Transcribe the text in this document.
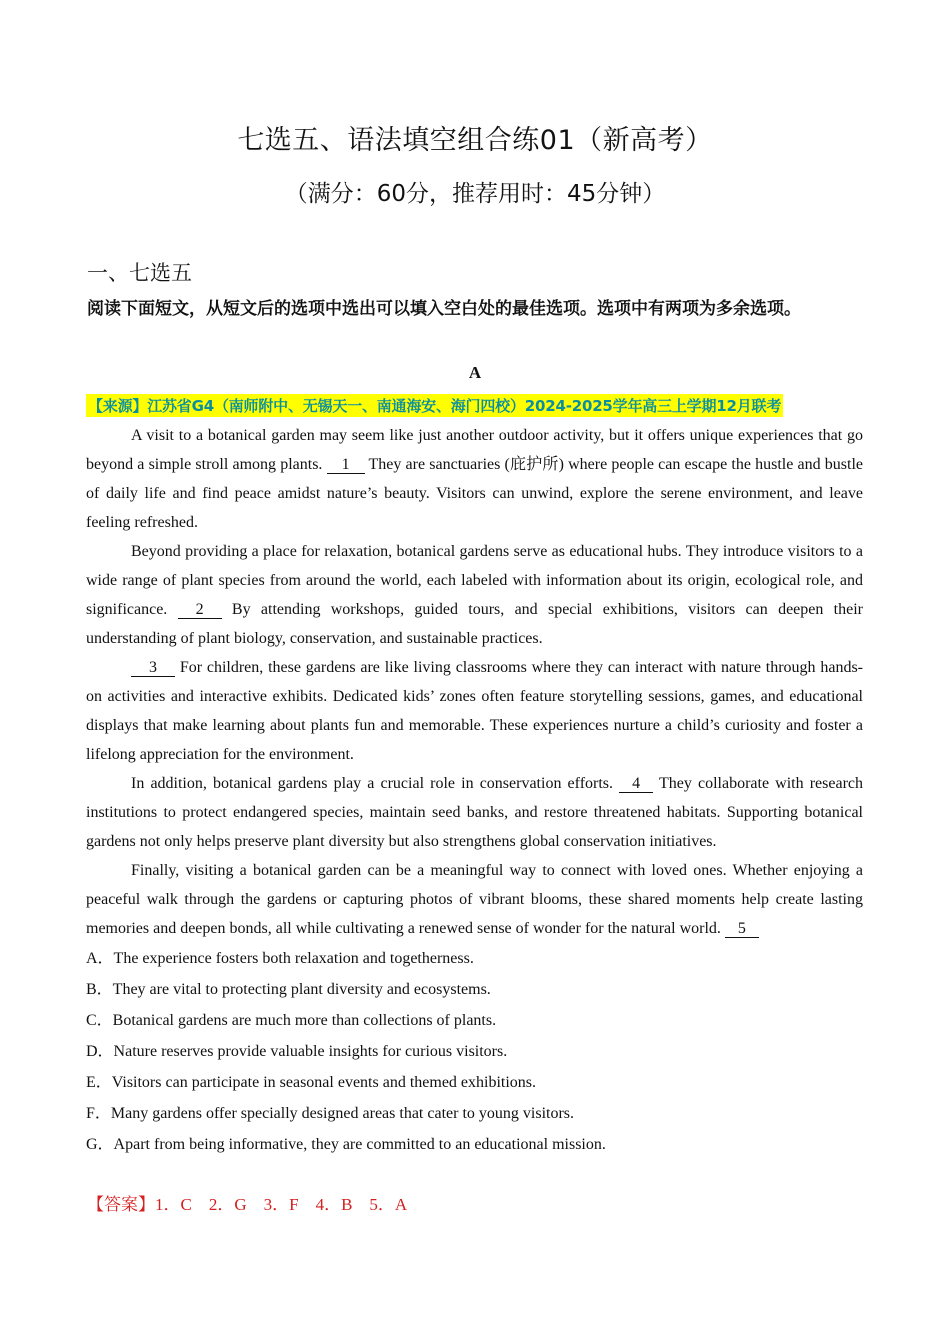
七选五、语法填空组合练01（新高考）
（满分：60分，推荐用时：45分钟）
一、七选五
阅读下面短文，从短文后的选项中选出可以填入空白处的最佳选项。选项中有两项为多余选项。
A
【来源】江苏省G4（南师附中、无锡天一、南通海安、海门四校）2024-2025学年高三上学期12月联考

A visit to a botanical garden may seem like just another outdoor activity, but it offers unique experiences that go beyond a simple stroll among plants. 1 They are sanctuaries (庇护所) where people can escape the hustle and bustle of daily life and find peace amidst nature’s beauty. Visitors can unwind, explore the serene environment, and leave feeling refreshed.

Beyond providing a place for relaxation, botanical gardens serve as educational hubs. They introduce visitors to a wide range of plant species from around the world, each labeled with information about its origin, ecological role, and significance. 2 By attending workshops, guided tours, and special exhibitions, visitors can deepen their understanding of plant biology, conservation, and sustainable practices.

3 For children, these gardens are like living classrooms where they can interact with nature through hands-on activities and interactive exhibits. Dedicated kids’ zones often feature storytelling sessions, games, and educational displays that make learning about plants fun and memorable. These experiences nurture a child’s curiosity and foster a lifelong appreciation for the environment.

In addition, botanical gardens play a crucial role in conservation efforts. 4 They collaborate with research institutions to protect endangered species, maintain seed banks, and restore threatened habitats. Supporting botanical gardens not only helps preserve plant diversity but also strengthens global conservation initiatives.

Finally, visiting a botanical garden can be a meaningful way to connect with loved ones. Whether enjoying a peaceful walk through the gardens or capturing photos of vibrant blooms, these shared moments help create lasting memories and deepen bonds, all while cultivating a renewed sense of wonder for the natural world. 5

A．The experience fosters both relaxation and togetherness.
B．They are vital to protecting plant diversity and ecosystems.
C．Botanical gardens are much more than collections of plants.
D．Nature reserves provide valuable insights for curious visitors.
E．Visitors can participate in seasonal events and themed exhibitions.
F．Many gardens offer specially designed areas that cater to young visitors.
G．Apart from being informative, they are committed to an educational mission.
【答案】1．C　2．G　3．F　4．B　5．A
